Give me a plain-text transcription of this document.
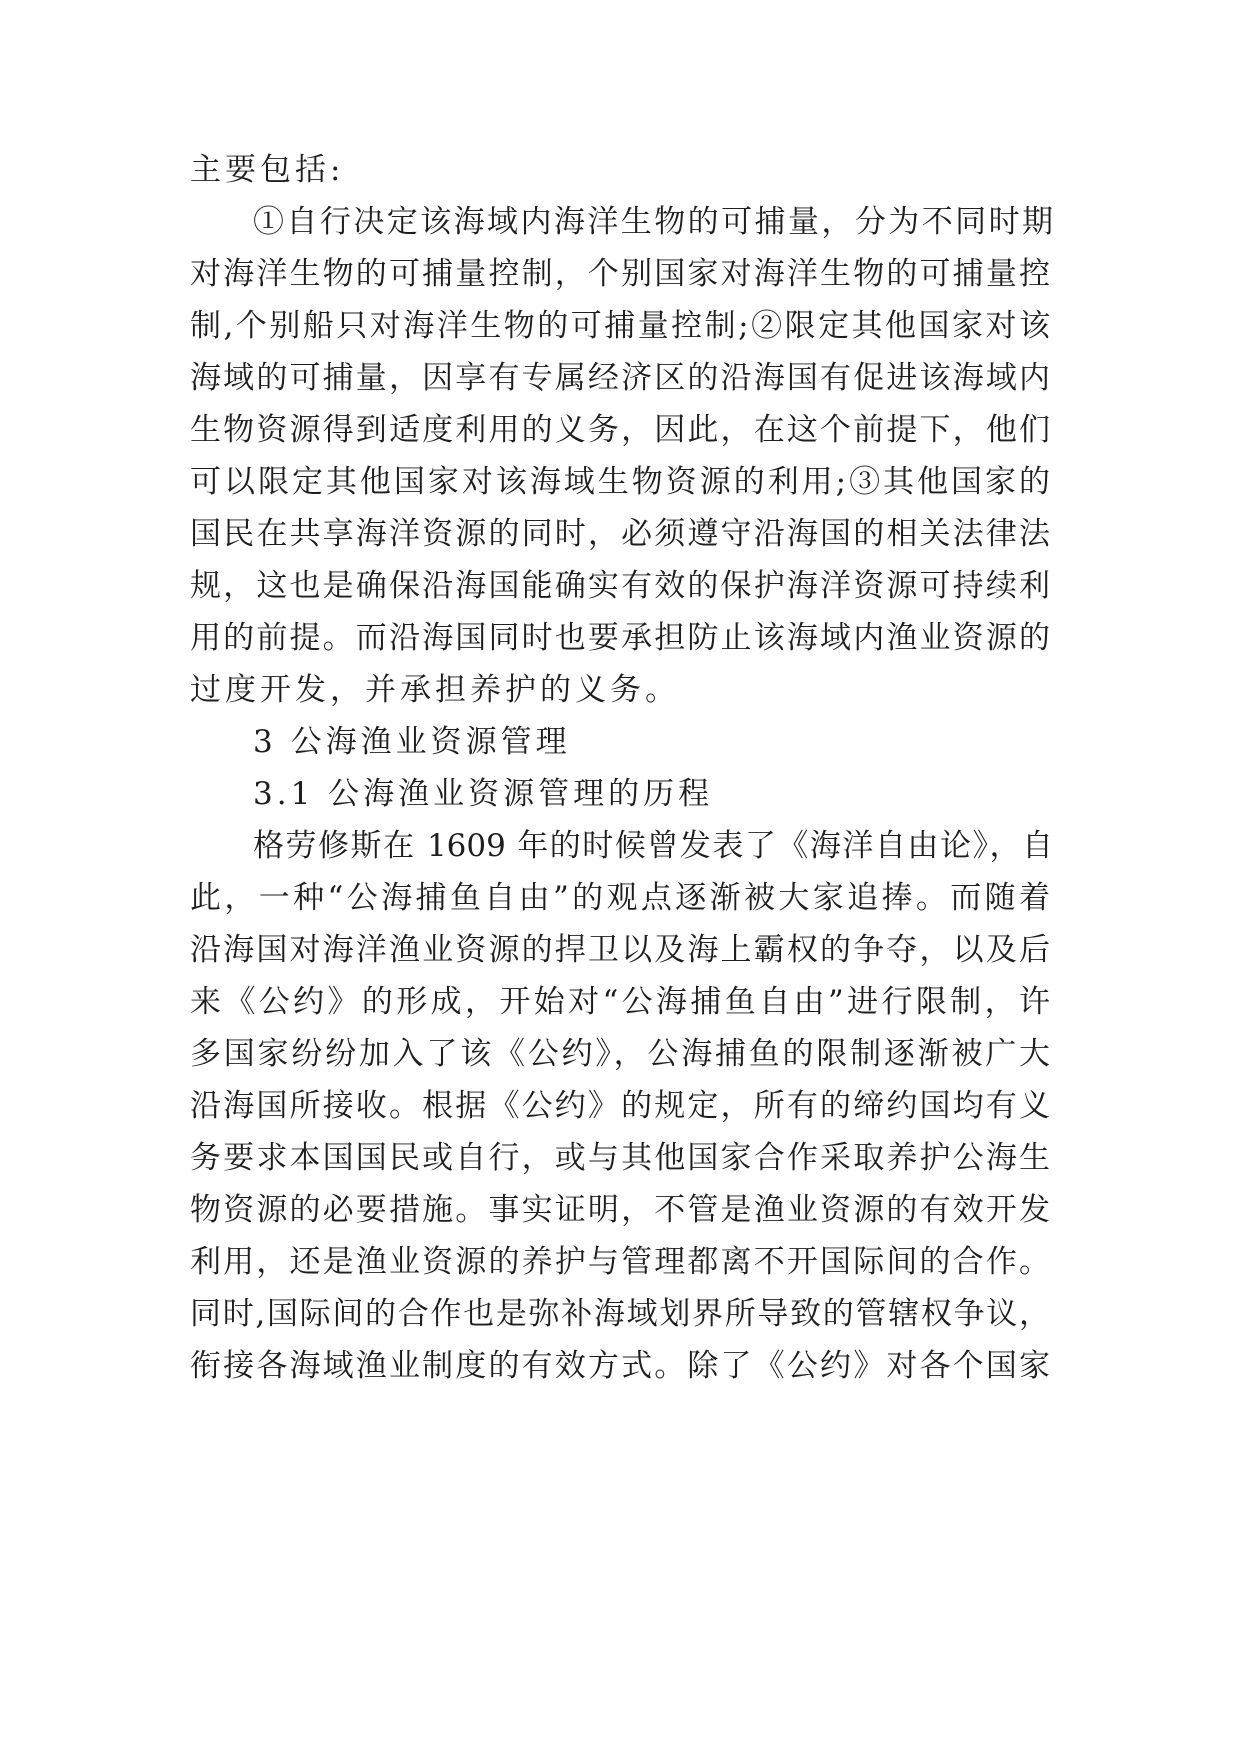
主要包括:
①自行决定该海域内海洋生物的可捕量，分为不同时期
对海洋生物的可捕量控制，个别国家对海洋生物的可捕量控
制,个别船只对海洋生物的可捕量控制;②限定其他国家对该
海域的可捕量，因享有专属经济区的沿海国有促进该海域内
生物资源得到适度利用的义务，因此，在这个前提下，他们
可以限定其他国家对该海域生物资源的利用;③其他国家的
国民在共享海洋资源的同时，必须遵守沿海国的相关法律法
规，这也是确保沿海国能确实有效的保护海洋资源可持续利
用的前提。而沿海国同时也要承担防止该海域内渔业资源的
过度开发，并承担养护的义务。
3 公海渔业资源管理
3.1 公海渔业资源管理的历程
格劳修斯在 1609 年的时候曾发表了《海洋自由论》，自
此，一种“公海捕鱼自由”的观点逐渐被大家追捧。而随着
沿海国对海洋渔业资源的捍卫以及海上霸权的争夺，以及后
来《公约》的形成，开始对“公海捕鱼自由”进行限制，许
多国家纷纷加入了该《公约》，公海捕鱼的限制逐渐被广大
沿海国所接收。根据《公约》的规定，所有的缔约国均有义
务要求本国国民或自行，或与其他国家合作采取养护公海生
物资源的必要措施。事实证明，不管是渔业资源的有效开发
利用，还是渔业资源的养护与管理都离不开国际间的合作。
同时,国际间的合作也是弥补海域划界所导致的管辖权争议，
衔接各海域渔业制度的有效方式。除了《公约》对各个国家
